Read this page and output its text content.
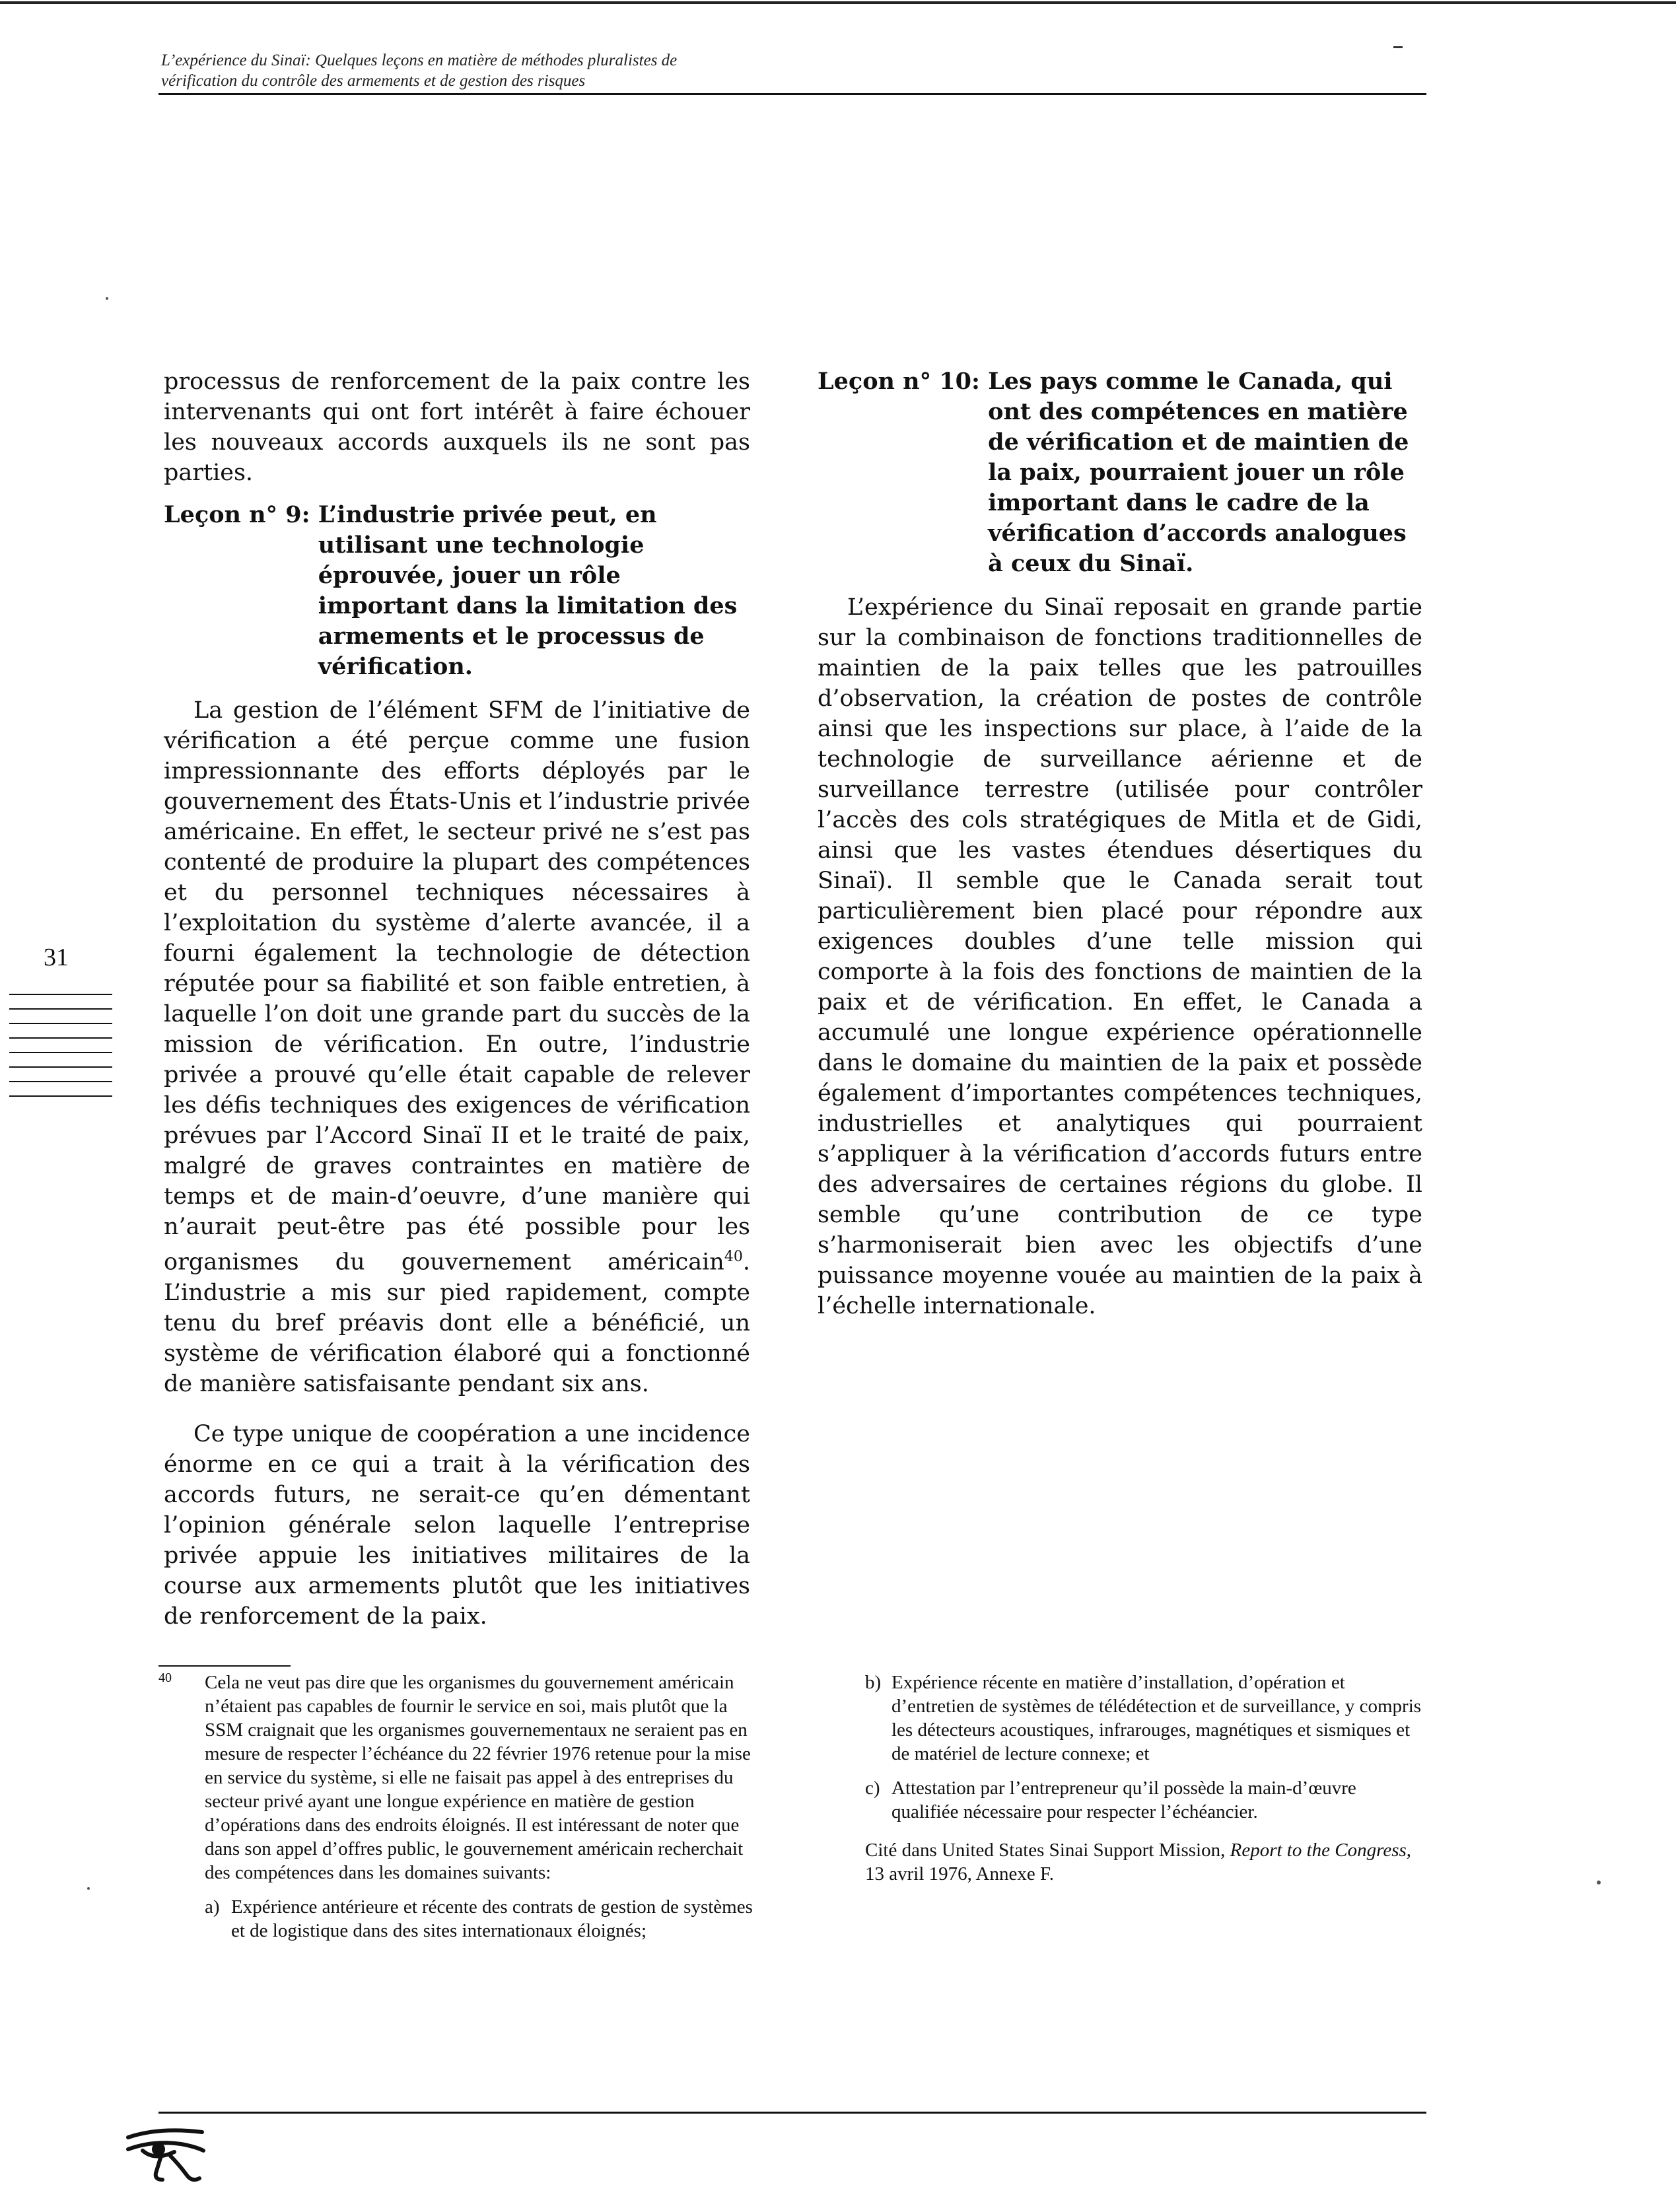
L’expérience du Sinaï: Quelques leçons en matière de méthodes pluralistes de
vérification du contrôle des armements et de gestion des risques
31

processus de renforcement de la paix contre les intervenants qui ont fort intérêt à faire échouer les nouveaux accords auxquels ils ne sont pas parties.

Leçon n° 9: L’industrie privée peut, en utilisant une technologie éprouvée, jouer un rôle important dans la limitation des armements et le processus de vérification.

La gestion de l’élément SFM de l’initiative de vérification a été perçue comme une fusion impressionnante des efforts déployés par le gouvernement des États-Unis et l’industrie privée américaine. En effet, le secteur privé ne s’est pas contenté de produire la plupart des compétences et du personnel techniques nécessaires à l’exploitation du système d’alerte avancée, il a fourni également la technologie de détection réputée pour sa fiabilité et son faible entretien, à laquelle l’on doit une grande part du succès de la mission de vérification. En outre, l’industrie privée a prouvé qu’elle était capable de relever les défis techniques des exigences de vérification prévues par l’Accord Sinaï II et le traité de paix, malgré de graves contraintes en matière de temps et de main-d’oeuvre, d’une manière qui n’aurait peut-être pas été possible pour les organismes du gouvernement américain$^{40}$. L’industrie a mis sur pied rapidement, compte tenu du bref préavis dont elle a bénéficié, un système de vérification élaboré qui a fonctionné de manière satisfaisante pendant six ans.

Ce type unique de coopération a une incidence énorme en ce qui a trait à la vérification des accords futurs, ne serait-ce qu’en démentant l’opinion générale selon laquelle l’entreprise privée appuie les initiatives militaires de la course aux armements plutôt que les initiatives de renforcement de la paix.

Leçon n° 10: Les pays comme le Canada, qui ont des compétences en matière de vérification et de maintien de la paix, pourraient jouer un rôle important dans le cadre de la vérification d’accords analogues à ceux du Sinaï.

L’expérience du Sinaï reposait en grande partie sur la combinaison de fonctions traditionnelles de maintien de la paix telles que les patrouilles d’observation, la création de postes de contrôle ainsi que les inspections sur place, à l’aide de la technologie de surveillance aérienne et de surveillance terrestre (utilisée pour contrôler l’accès des cols stratégiques de Mitla et de Gidi, ainsi que les vastes étendues désertiques du Sinaï). Il semble que le Canada serait tout particulièrement bien placé pour répondre aux exigences doubles d’une telle mission qui comporte à la fois des fonctions de maintien de la paix et de vérification. En effet, le Canada a accumulé une longue expérience opérationnelle dans le domaine du maintien de la paix et possède également d’importantes compétences techniques, industrielles et analytiques qui pourraient s’appliquer à la vérification d’accords futurs entre des adversaires de certaines régions du globe. Il semble qu’une contribution de ce type s’harmoniserait bien avec les objectifs d’une puissance moyenne vouée au maintien de la paix à l’échelle internationale.

40	Cela ne veut pas dire que les organismes du gouvernement américain n’étaient pas capables de fournir le service en soi, mais plutôt que la SSM craignait que les organismes gouvernementaux ne seraient pas en mesure de respecter l’échéance du 22 février 1976 retenue pour la mise en service du système, si elle ne faisait pas appel à des entreprises du secteur privé ayant une longue expérience en matière de gestion d’opérations dans des endroits éloignés. Il est intéressant de noter que dans son appel d’offres public, le gouvernement américain recherchait des compétences dans les domaines suivants:
a) Expérience antérieure et récente des contrats de gestion de systèmes et de logistique dans des sites internationaux éloignés;
b) Expérience récente en matière d’installation, d’opération et d’entretien de systèmes de télédétection et de surveillance, y compris les détecteurs acoustiques, infrarouges, magnétiques et sismiques et de matériel de lecture connexe; et
c) Attestation par l’entrepreneur qu’il possède la main-d’œuvre qualifiée nécessaire pour respecter l’échéancier.
Cité dans United States Sinai Support Mission, Report to the Congress, 13 avril 1976, Annexe F.
